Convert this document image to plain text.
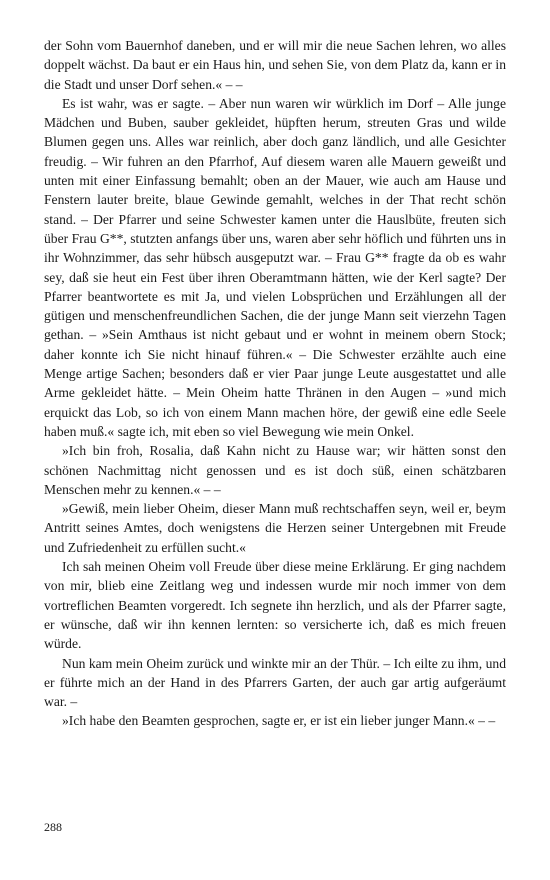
der Sohn vom Bauernhof daneben, und er will mir die neue Sachen lehren, wo alles doppelt wächst. Da baut er ein Haus hin, und sehen Sie, von dem Platz da, kann er in die Stadt und unser Dorf sehen.« – –

Es ist wahr, was er sagte. – Aber nun waren wir würklich im Dorf – Alle junge Mädchen und Buben, sauber gekleidet, hüpften herum, streuten Gras und wilde Blumen gegen uns. Alles war reinlich, aber doch ganz ländlich, und alle Gesichter freudig. – Wir fuhren an den Pfarrhof, Auf diesem waren alle Mauern geweißt und unten mit einer Einfassung bemahlt; oben an der Mauer, wie auch am Hause und Fenstern lauter breite, blaue Gewinde gemahlt, welches in der That recht schön stand. – Der Pfarrer und seine Schwester kamen unter die Hauslbüte, freuten sich über Frau G**, stutzten anfangs über uns, waren aber sehr höflich und führten uns in ihr Wohnzimmer, das sehr hübsch ausgeputzt war. – Frau G** fragte da ob es wahr sey, daß sie heut ein Fest über ihren Oberamtmann hätten, wie der Kerl sagte? Der Pfarrer beantwortete es mit Ja, und vielen Lobsprüchen und Erzählungen all der gütigen und menschenfreundlichen Sachen, die der junge Mann seit vierzehn Tagen gethan. – »Sein Amthaus ist nicht gebaut und er wohnt in meinem obern Stock; daher konnte ich Sie nicht hinauf führen.« – Die Schwester erzählte auch eine Menge artige Sachen; besonders daß er vier Paar junge Leute ausgestattet und alle Arme gekleidet hätte. – Mein Oheim hatte Thränen in den Augen – »und mich erquickt das Lob, so ich von einem Mann machen höre, der gewiß eine edle Seele haben muß.« sagte ich, mit eben so viel Bewegung wie mein Onkel.

»Ich bin froh, Rosalia, daß Kahn nicht zu Hause war; wir hätten sonst den schönen Nachmittag nicht genossen und es ist doch süß, einen schätzbaren Menschen mehr zu kennen.« – –

»Gewiß, mein lieber Oheim, dieser Mann muß rechtschaffen seyn, weil er, beym Antritt seines Amtes, doch wenigstens die Herzen seiner Untergebnen mit Freude und Zufriedenheit zu erfüllen sucht.«

Ich sah meinen Oheim voll Freude über diese meine Erklärung. Er ging nachdem von mir, blieb eine Zeitlang weg und indessen wurde mir noch immer von dem vortreflichen Beamten vorgeredt. Ich segnete ihn herzlich, und als der Pfarrer sagte, er wünsche, daß wir ihn kennen lernten: so versicherte ich, daß es mich freuen würde.

Nun kam mein Oheim zurück und winkte mir an der Thür. – Ich eilte zu ihm, und er führte mich an der Hand in des Pfarrers Garten, der auch gar artig aufgeräumt war. –

»Ich habe den Beamten gesprochen, sagte er, er ist ein lieber junger Mann.« – –

288
